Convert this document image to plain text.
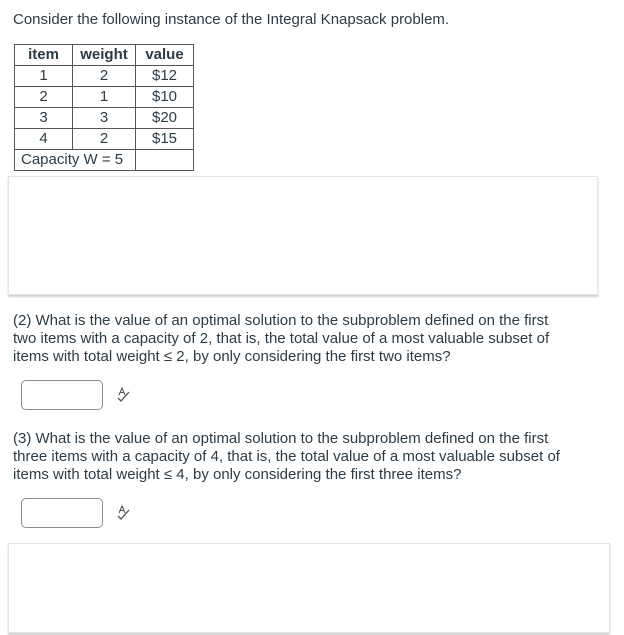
Consider the following instance of the Integral Knapsack problem.
item	weight	value
1	2	$12
2	1	$10
3	3	$20
4	2	$15
Capacity W = 5		
(2) What is the value of an optimal solution to the subproblem defined on the first
two items with a capacity of 2, that is, the total value of a most valuable subset of
items with total weight ≤ 2, by only considering the first two items?
(3) What is the value of an optimal solution to the subproblem defined on the first
three items with a capacity of 4, that is, the total value of a most valuable subset of
items with total weight ≤ 4, by only considering the first three items?
